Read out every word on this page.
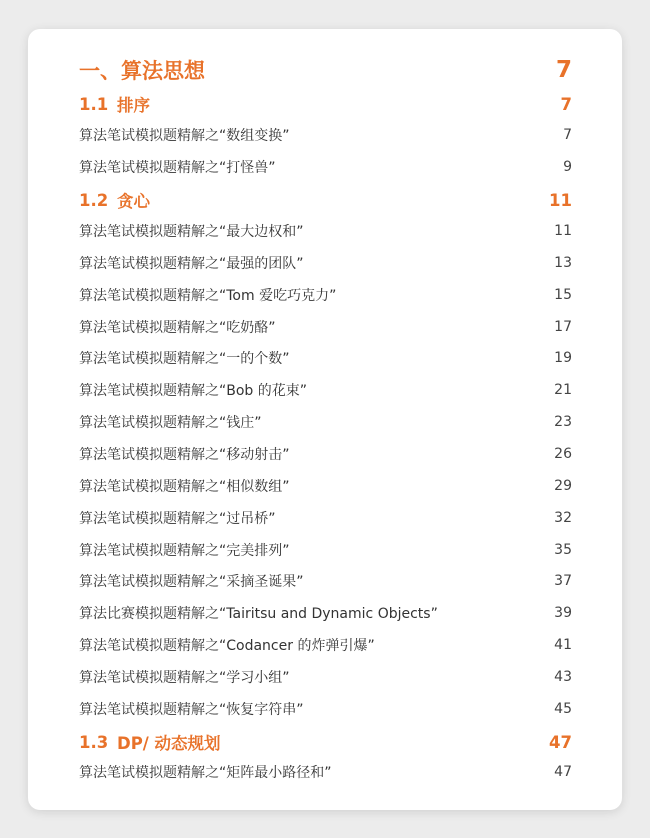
一、算法思想	7
1.1 排序	7
算法笔试模拟题精解之“数组变换”	7
算法笔试模拟题精解之“打怪兽”	9
1.2 贪心	11
算法笔试模拟题精解之“最大边权和”	11
算法笔试模拟题精解之“最强的团队”	13
算法笔试模拟题精解之“Tom 爱吃巧克力”	15
算法笔试模拟题精解之“吃奶酪”	17
算法笔试模拟题精解之“一的个数”	19
算法笔试模拟题精解之“Bob 的花束”	21
算法笔试模拟题精解之“钱庄”	23
算法笔试模拟题精解之“移动射击”	26
算法笔试模拟题精解之“相似数组”	29
算法笔试模拟题精解之“过吊桥”	32
算法笔试模拟题精解之“完美排列”	35
算法笔试模拟题精解之“采摘圣诞果”	37
算法比赛模拟题精解之“Tairitsu and Dynamic Objects”	39
算法笔试模拟题精解之“Codancer 的炸弹引爆”	41
算法笔试模拟题精解之“学习小组”	43
算法笔试模拟题精解之“恢复字符串”	45
1.3 DP/ 动态规划	47
算法笔试模拟题精解之“矩阵最小路径和”	47
